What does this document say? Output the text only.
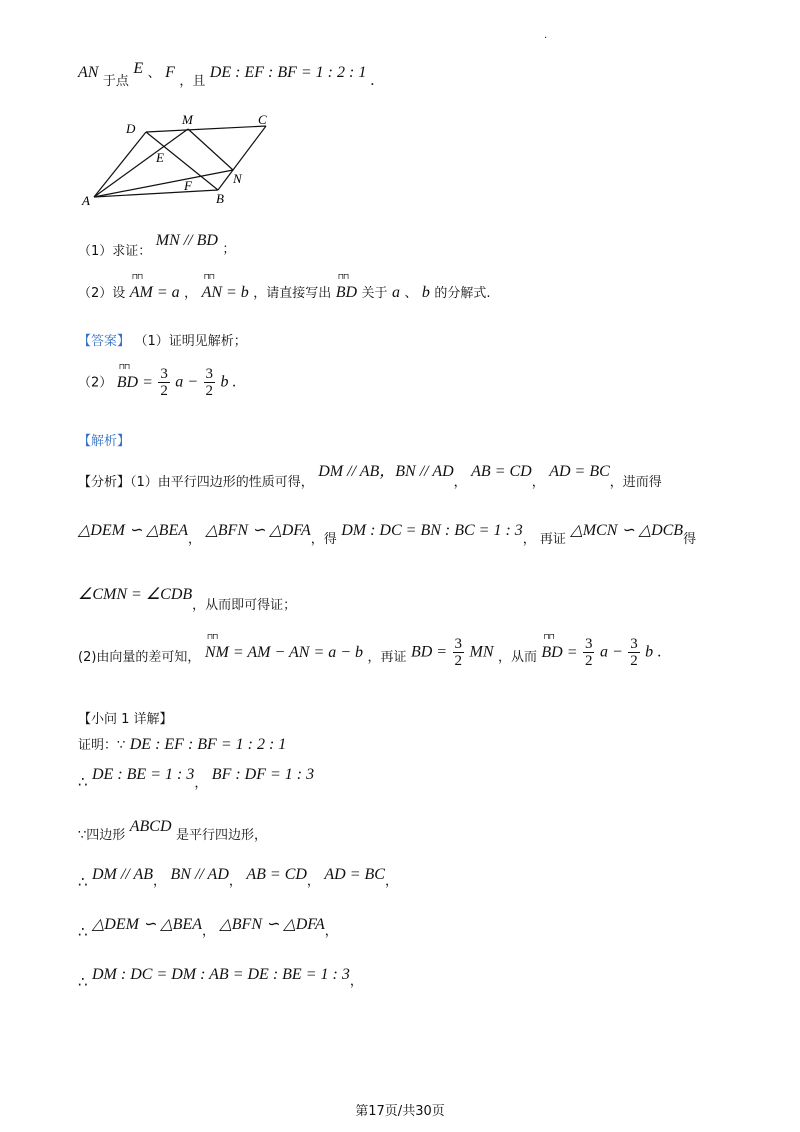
.
AN 于点 E 、 F ，且 DE : EF : BF = 1 : 2 : 1 .
D
M	C
E
F	N
A	B
（1）求证： MN // BD ；
（2）设 ⊓⊓ AM = a ， ⊓⊓ AN = b ，请直接写出 ⊓⊓ BD 关于 a 、 b 的分解式.
【答案】 （1）证明见解析；
（2） ⊓⊓ BD = $\frac{3}{2}$ $a - \frac{3}{2}$ b .
【解析】
【分析】（1）由平行四边形的性质可得， DM // AB，BN // AD， AB = CD， AD = BC，进而得
△DEM ∽ △BEA， △BFN ∽ △DFA，得 DM : DC = BN : BC = 1 : 3， 再证 △MCN ∽ △DCB得
∠CMN = ∠CDB，从而即可得证；
(2)由向量的差可知， ⊓⊓ NM = AM − AN = a − b ，再证 BD = $\frac{3}{2}$ MN ，从而 ⊓⊓ BD = $\frac{3}{2}$ $a - \frac{3}{2}$ b .
【小问 1 详解】
证明：∵ DE : EF : BF = 1 : 2 : 1
∴ DE : BE = 1 : 3， BF : DF = 1 : 3
∵四边形 ABCD 是平行四边形，
∴ DM // AB， BN // AD， AB = CD， AD = BC，
∴ △DEM ∽ △BEA， △BFN ∽ △DFA，
∴ DM : DC = DM : AB = DE : BE = 1 : 3，
第17页/共30页
